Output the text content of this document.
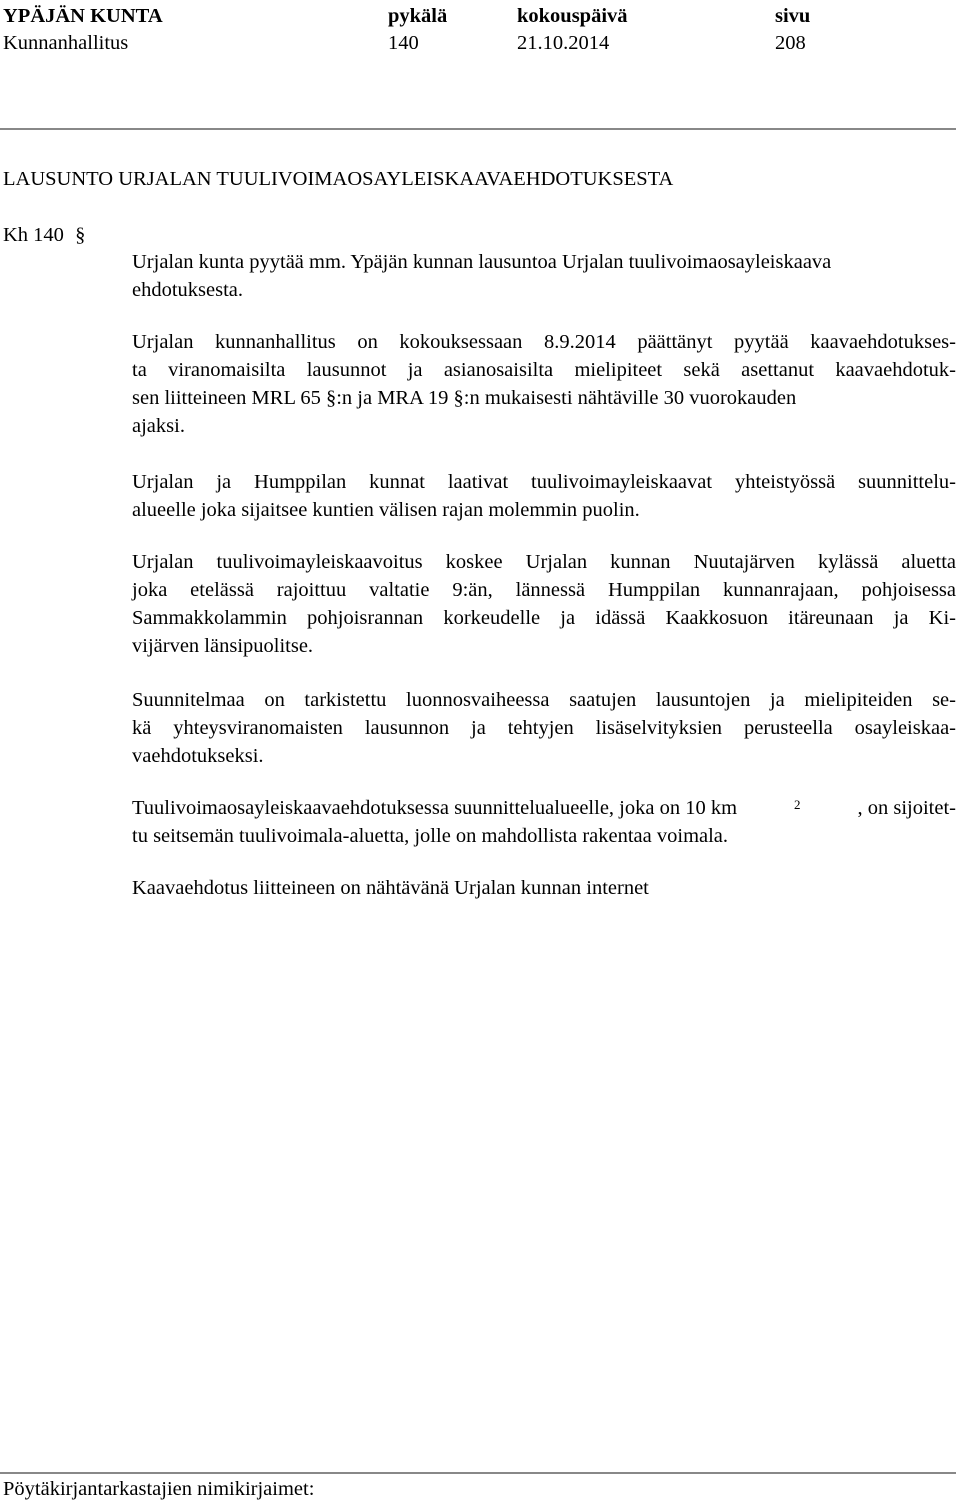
YPÄJÄN KUNTA	pykälä	kokouspäivä	sivu
Kunnanhallitus	140	21.10.2014	208
LAUSUNTO URJALAN TUULIVOIMAOSAYLEISKAAVAEHDOTUKSESTA
Kh 140 §
Urjalan kunta pyytää mm. Ypäjän kunnan lausuntoa Urjalan tuulivoimaosayleiskaava
ehdotuksesta.
Urjalan kunnanhallitus on kokouksessaan 8.9.2014 päättänyt pyytää kaavaehdotukses-
ta viranomaisilta lausunnot ja asianosaisilta mielipiteet sekä asettanut kaavaehdotuk-
sen liitteineen MRL 65 §:n ja MRA 19 §:n mukaisesti nähtäville 30 vuorokauden
ajaksi.
Urjalan ja Humppilan kunnat laativat tuulivoimayleiskaavat yhteistyössä suunnittelu-
alueelle joka sijaitsee kuntien välisen rajan molemmin puolin.
Urjalan tuulivoimayleiskaavoitus koskee Urjalan kunnan Nuutajärven kylässä aluetta
joka etelässä rajoittuu valtatie 9:än, lännessä Humppilan kunnanrajaan, pohjoisessa
Sammakkolammin pohjoisrannan korkeudelle ja idässä Kaakkosuon itäreunaan ja Ki-
vijärven länsipuolitse.
Suunnitelmaa on tarkistettu luonnosvaiheessa saatujen lausuntojen ja mielipiteiden se-
kä yhteysviranomaisten lausunnon ja tehtyjen lisäselvityksien perusteella osayleiskaa-
vaehdotukseksi.
Tuulivoimaosayleiskaavaehdotuksessa suunnittelualueelle, joka on 10 km	$^2$	, on sijoitet-
tu seitsemän tuulivoimala-aluetta, jolle on mahdollista rakentaa voimala.
Kaavaehdotus liitteineen on nähtävänä Urjalan kunnan internet
Pöytäkirjantarkastajien nimikirjaimet:
